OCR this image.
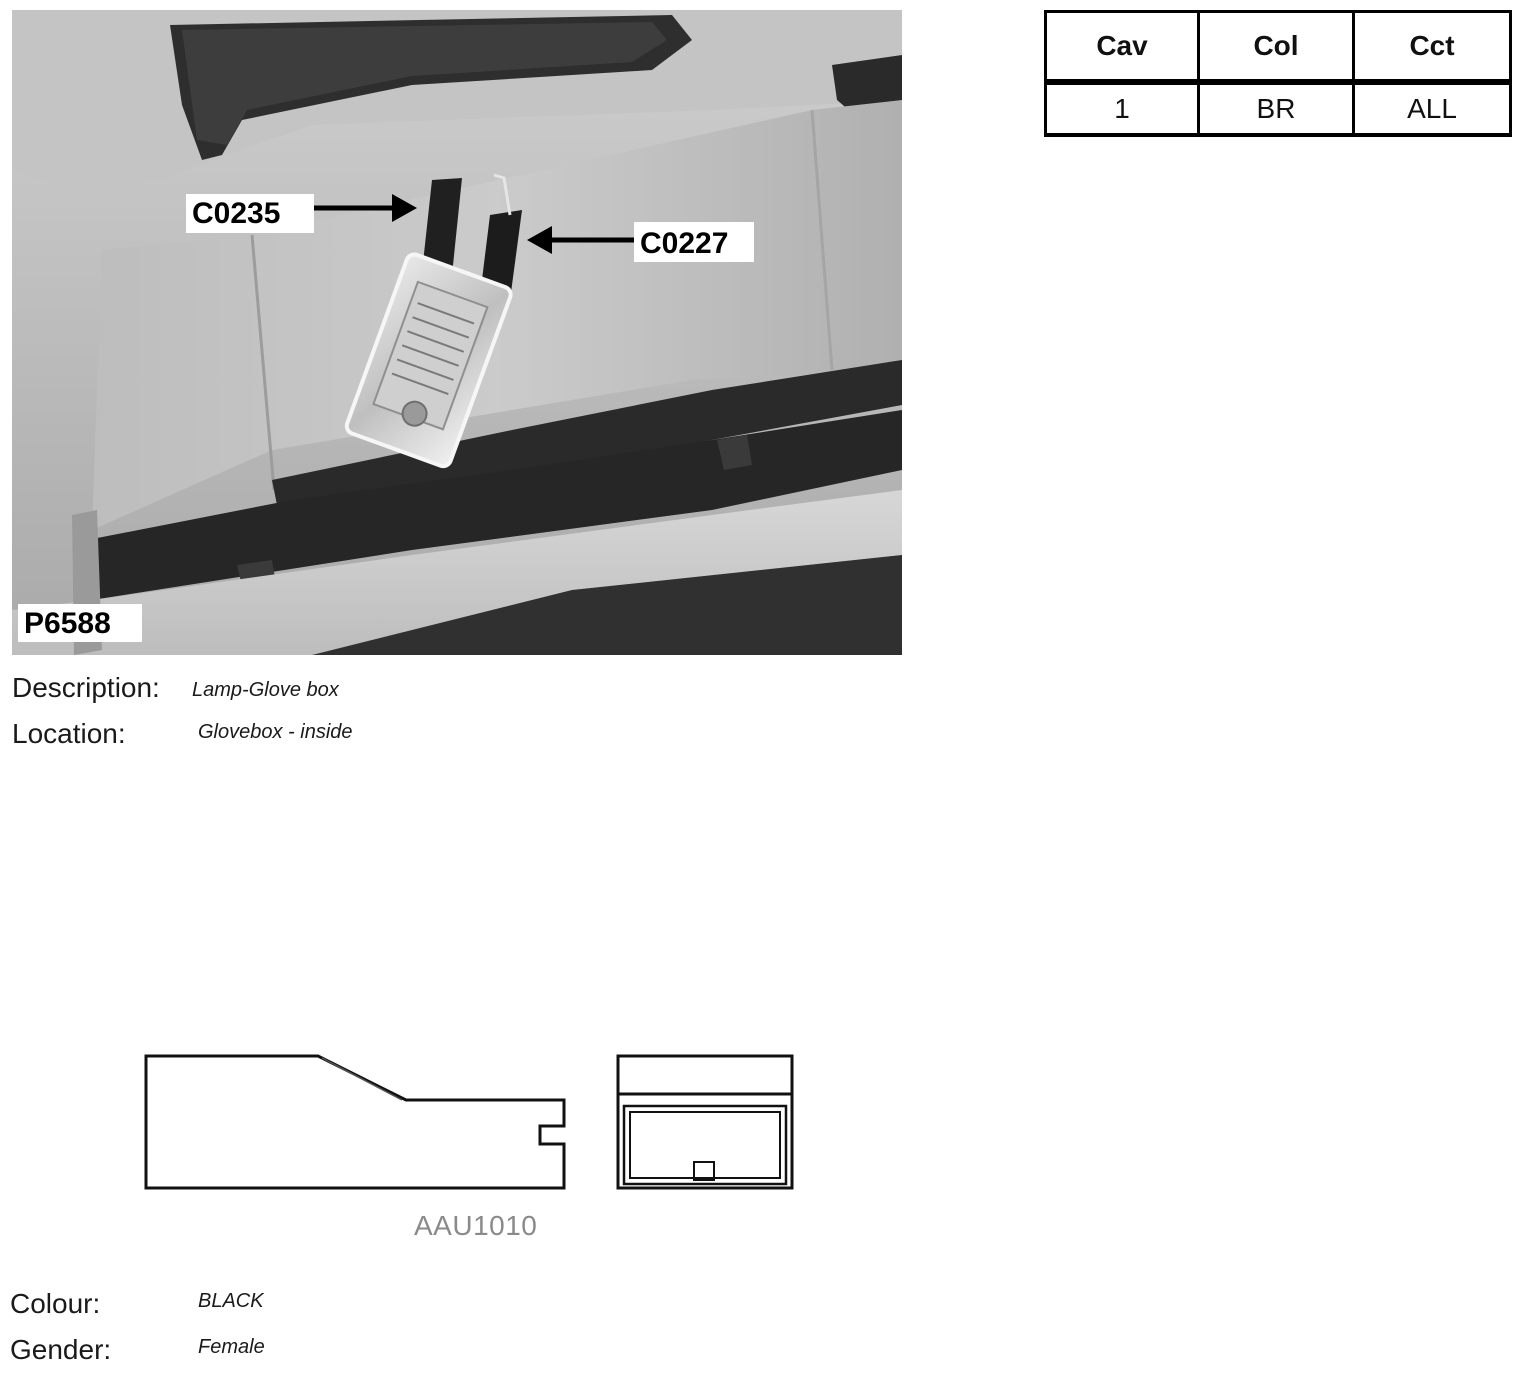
C0235
C0227
P6588
Description: Lamp-Glove box
Location:	Glovebox - inside
Cav	Col	Cct
1	BR	ALL
AAU1010
Colour:	BLACK
Gender:	Female
